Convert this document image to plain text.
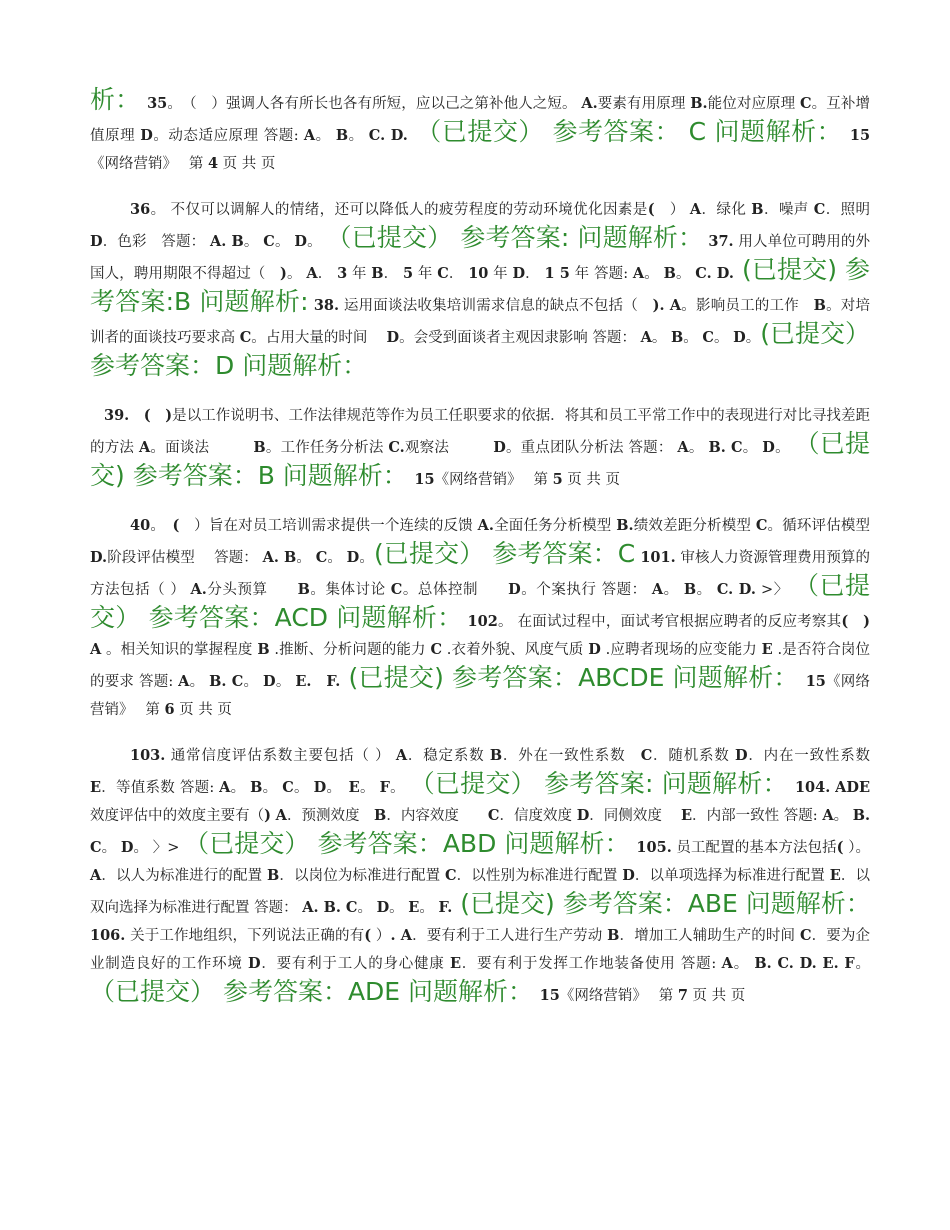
析：　 35。　（　）强调人各有所长也各有所短，应以己之第补他人之短。 A.要素有用原理 B.能位对应原理 C。互补增值原理 D。动态适应原理 答题: A。 B。 C. D. （已提交） 参考答案： C 问题解析：　 15《网络营销》　 第 4 页 共 页

36。 不仅可以调解人的情绪，还可以降低人的疲劳程度的劳动环境优化因素是(　） A．绿化 B．噪声 C．照明 D．色彩　答题： A. B。 C。 D。 （已提交） 参考答案: 问题解析： 37. 用人单位可聘用的外国人，聘用期限不得超过（　)。 A． 3 年 B． 5 年 C． 10 年 D． 1 5 年 答题: A。 B。 C. D. (已提交) 参考答案:B 问题解析: 38. 运用面谈法收集培训需求信息的缺点不包括（　). A。影响员工的工作　B。对培训者的面谈技巧要求高 C。占用大量的时间　 D。会受到面谈者主观因隶影响 答题： A。 B。 C。 D。(已提交） 参考答案：D 问题解析：

39.　(　 )是以工作说明书、工作法律规范等作为员工任职要求的依据．将其和员工平常工作中的表现进行对比寻找差距的方法 A。面谈法　　　B。工作任务分析法 C.观察法　　　D。重点团队分析法 答题： A。 B. C。 D。 （已提交) 参考答案：B 问题解析：　 15《网络营销》　 第 5 页 共 页

40。　(　）旨在对员工培训需求提供一个连续的反馈 A.全面任务分析模型 B.绩效差距分析模型 C。循环评估模型 D.阶段评估模型　 答题： A. B。 C。 D。(已提交） 参考答案：C 101. 审核人力资源管理费用预算的方法包括（ ） A.分头预算　　B。集体讨论 C。总体控制　　D。个案执行 答题： A。 B。 C. D. >〉 （已提交） 参考答案：ACD 问题解析： 102。 在面试过程中，面试考官根据应聘者的反应考察其(　 ) A 。相关知识的掌握程度 B .推断、分析问题的能力 C .衣着外貌、风度气质 D .应聘者现场的应变能力 E .是否符合岗位的要求 答题: A。 B. C。 D。 E.　F. (已提交) 参考答案：ABCDE 问题解析：　 15《网络营销》　 第 6 页 共 页

103. 通常信度评估系数主要包括（ ） A．稳定系数 B．外在一致性系数　C．随机系数 D．内在一致性系数　E．等值系数 答题: A。 B。 C。 D。　E。 F。 （已提交） 参考答案: 问题解析：　 104. ADE 效度评估中的效度主要有（) A．预测效度　B．内容效度　　C．信度效度 D．同侧效度　 E．内部一致性 答题: A。 B. C。 D。 〉> （已提交） 参考答案：ABD 问题解析：　 105. 员工配置的基本方法包括( ）。 A．以人为标准进行的配置 B．以岗位为标准进行配置 C．以性别为标准进行配置 D．以单项选择为标准进行配置 E．以双向选择为标准进行配置 答题： A. B. C。 D。 E。 F. (已提交) 参考答案：ABE 问题解析：　 106. 关于工作地组织，下列说法正确的有( ）. A．要有利于工人进行生产劳动 B．增加工人辅助生产的时间 C．要为企业制造良好的工作环境 D．要有利于工人的身心健康 E．要有利于发挥工作地装备使用 答题: A。 B. C. D. E. F。 （已提交） 参考答案：ADE 问题解析：　 15《网络营销》　 第 7 页 共 页
